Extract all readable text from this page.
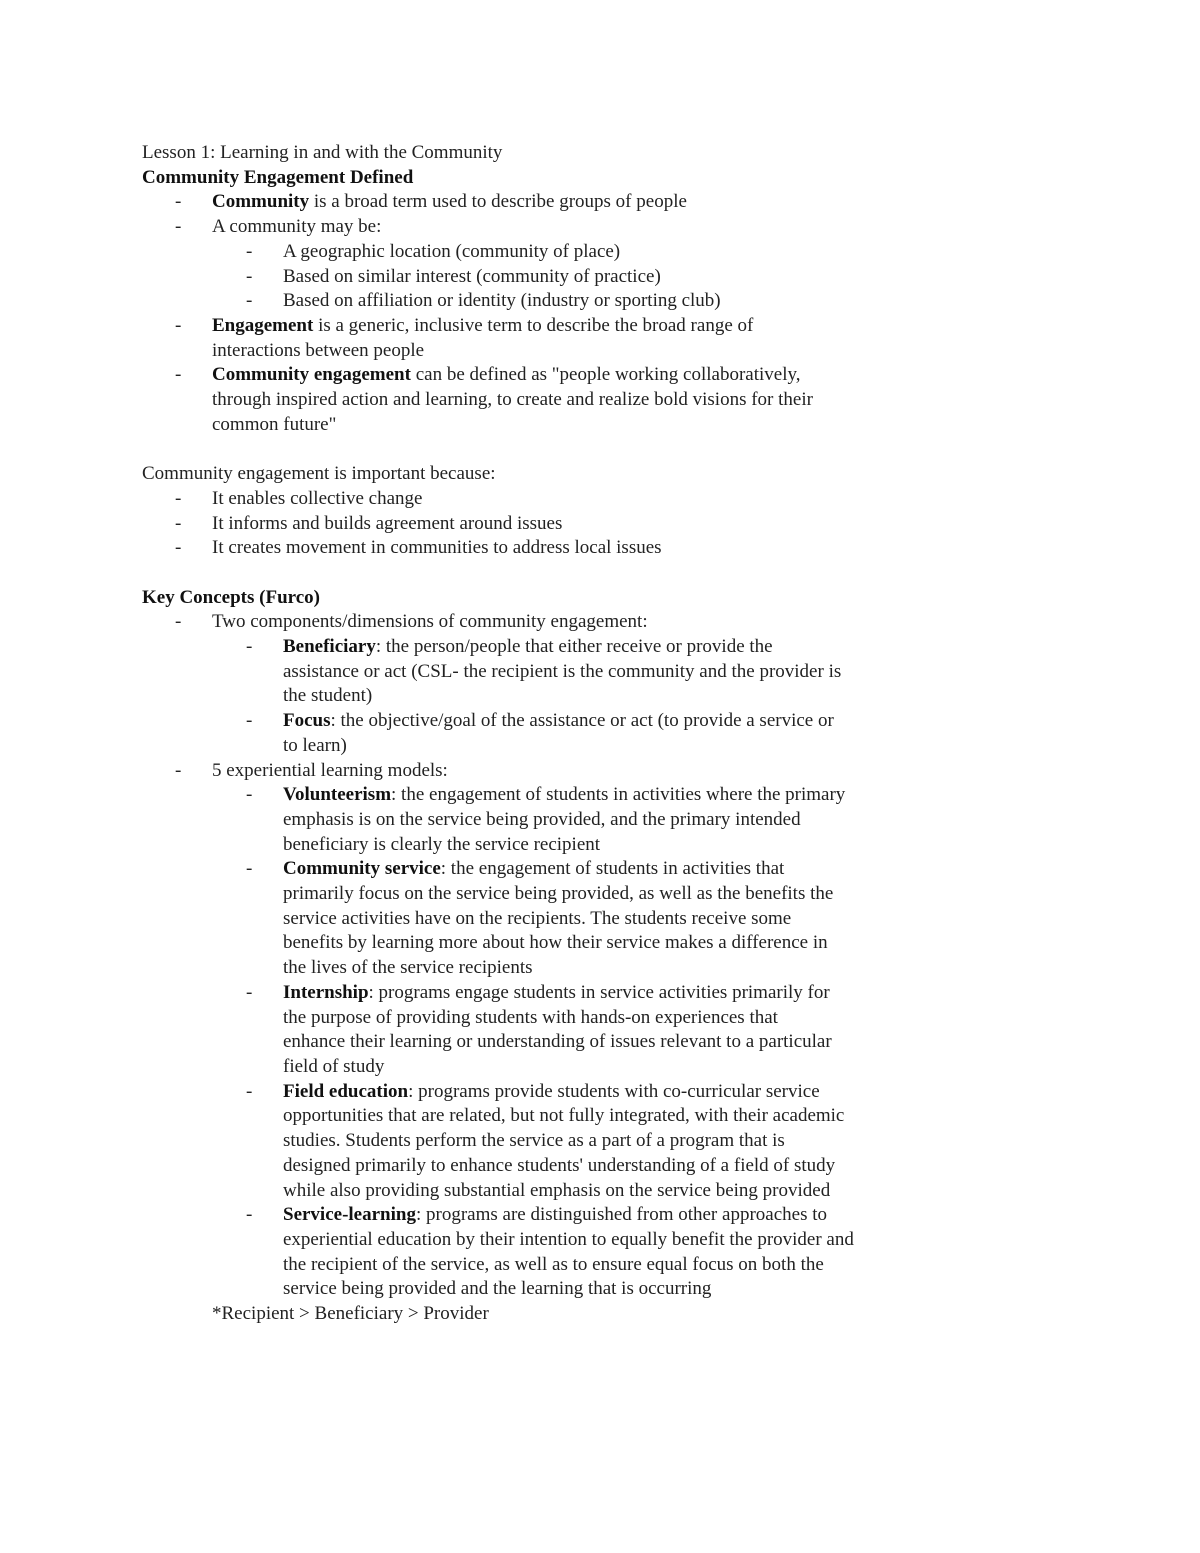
Lesson 1: Learning in and with the Community
Community Engagement Defined
- Community is a broad term used to describe groups of people
- A community may be:
- A geographic location (community of place)
- Based on similar interest (community of practice)
- Based on affiliation or identity (industry or sporting club)
- Engagement is a generic, inclusive term to describe the broad range of
interactions between people
- Community engagement can be defined as "people working collaboratively,
through inspired action and learning, to create and realize bold visions for their
common future"
Community engagement is important because:
- It enables collective change
- It informs and builds agreement around issues
- It creates movement in communities to address local issues
Key Concepts (Furco)
- Two components/dimensions of community engagement:
- Beneficiary: the person/people that either receive or provide the
assistance or act (CSL- the recipient is the community and the provider is
the student)
- Focus: the objective/goal of the assistance or act (to provide a service or
to learn)
- 5 experiential learning models:
- Volunteerism: the engagement of students in activities where the primary
emphasis is on the service being provided, and the primary intended
beneficiary is clearly the service recipient
- Community service: the engagement of students in activities that
primarily focus on the service being provided, as well as the benefits the
service activities have on the recipients. The students receive some
benefits by learning more about how their service makes a difference in
the lives of the service recipients
- Internship: programs engage students in service activities primarily for
the purpose of providing students with hands-on experiences that
enhance their learning or understanding of issues relevant to a particular
field of study
- Field education: programs provide students with co-curricular service
opportunities that are related, but not fully integrated, with their academic
studies. Students perform the service as a part of a program that is
designed primarily to enhance students' understanding of a field of study
while also providing substantial emphasis on the service being provided
- Service-learning: programs are distinguished from other approaches to
experiential education by their intention to equally benefit the provider and
the recipient of the service, as well as to ensure equal focus on both the
service being provided and the learning that is occurring
*Recipient > Beneficiary > Provider
